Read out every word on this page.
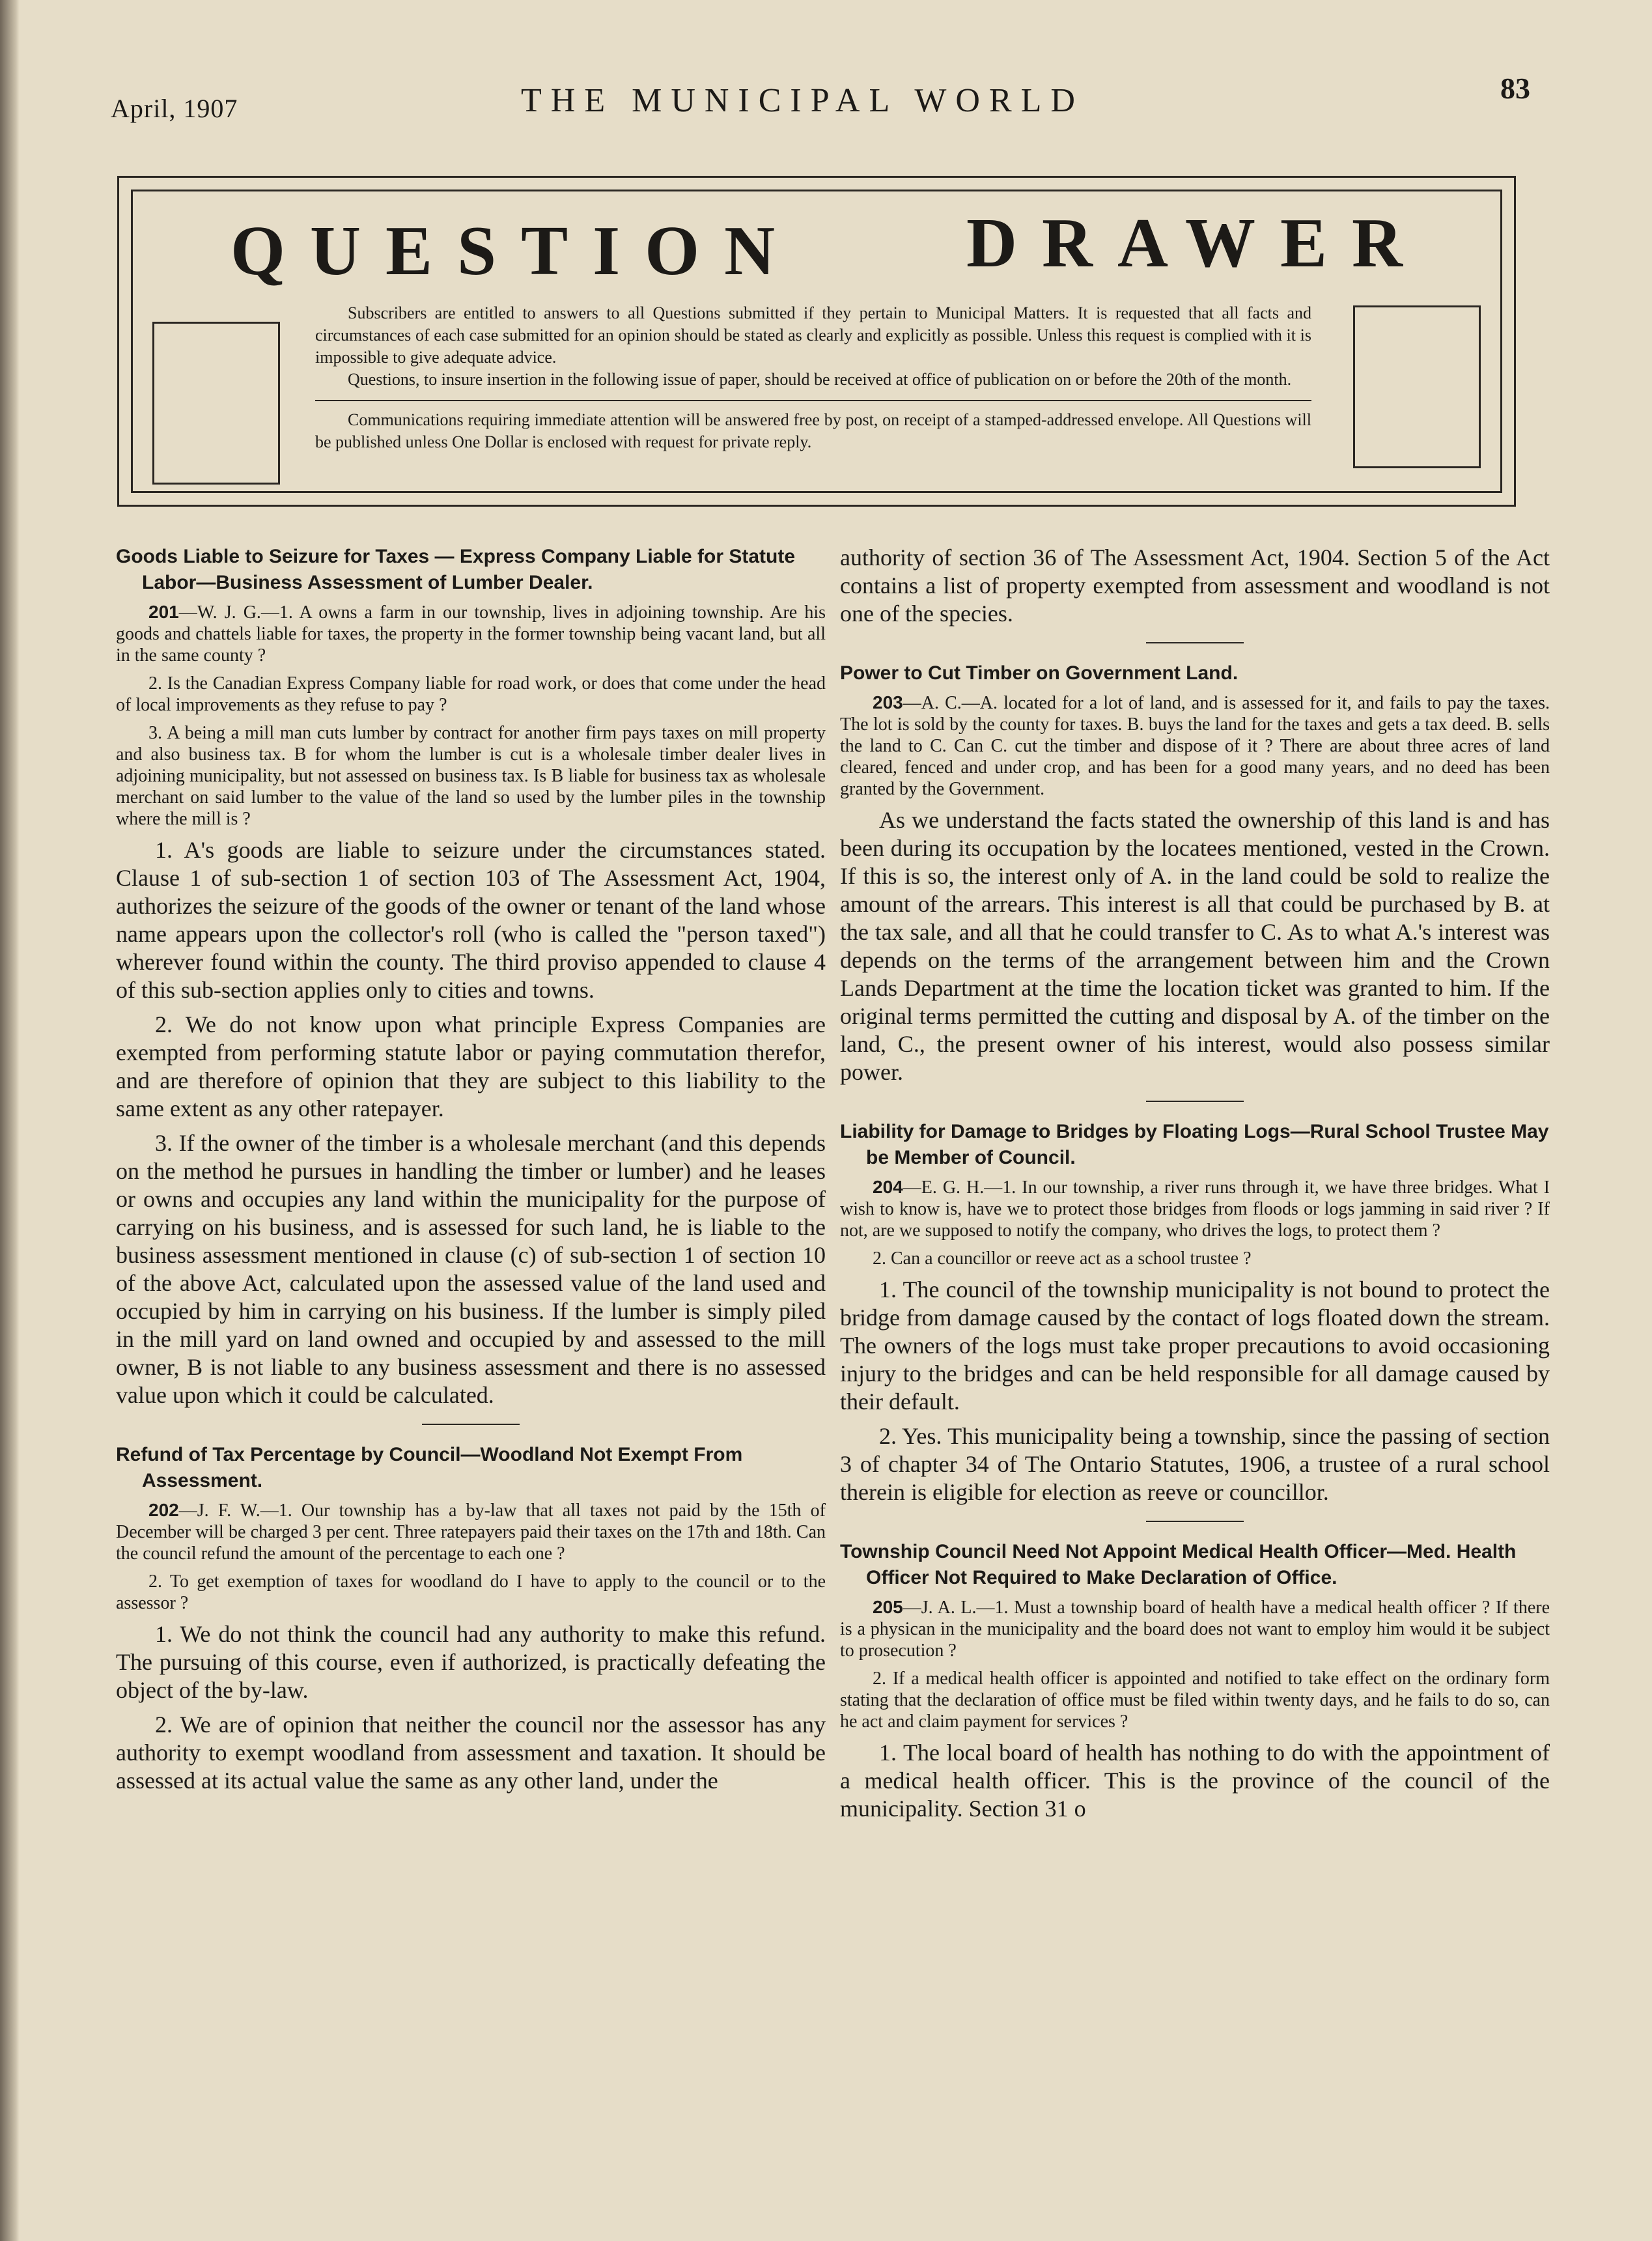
April, 1907	THE MUNICIPAL WORLD	83
QUESTION DRAWER

Subscribers are entitled to answers to all Questions submitted if they pertain to Municipal Matters. It is requested that all facts and circumstances of each case submitted for an opinion should be stated as clearly and explicitly as possible. Unless this request is complied with it is impossible to give adequate advice.

Questions, to insure insertion in the following issue of paper, should be received at office of publication on or before the 20th of the month.

Communications requiring immediate attention will be answered free by post, on receipt of a stamped-addressed envelope. All Questions will be published unless One Dollar is enclosed with request for private reply.

Goods Liable to Seizure for Taxes — Express Company Liable for Statute Labor—Business Assessment of Lumber Dealer.

201—W. J. G.—1. A owns a farm in our township, lives in adjoining township. Are his goods and chattels liable for taxes, the property in the former township being vacant land, but all in the same county ?

2. Is the Canadian Express Company liable for road work, or does that come under the head of local improvements as they refuse to pay ?

3. A being a mill man cuts lumber by contract for another firm pays taxes on mill property and also business tax. B for whom the lumber is cut is a wholesale timber dealer lives in adjoining municipality, but not assessed on business tax. Is B liable for business tax as wholesale merchant on said lumber to the value of the land so used by the lumber piles in the township where the mill is ?

1. A's goods are liable to seizure under the circumstances stated. Clause 1 of sub-section 1 of section 103 of The Assessment Act, 1904, authorizes the seizure of the goods of the owner or tenant of the land whose name appears upon the collector's roll (who is called the "person taxed") wherever found within the county. The third proviso appended to clause 4 of this sub-section applies only to cities and towns.

2. We do not know upon what principle Express Companies are exempted from performing statute labor or paying commutation therefor, and are therefore of opinion that they are subject to this liability to the same extent as any other ratepayer.

3. If the owner of the timber is a wholesale merchant (and this depends on the method he pursues in handling the timber or lumber) and he leases or owns and occupies any land within the municipality for the purpose of carrying on his business, and is assessed for such land, he is liable to the business assessment mentioned in clause (c) of sub-section 1 of section 10 of the above Act, calculated upon the assessed value of the land used and occupied by him in carrying on his business. If the lumber is simply piled in the mill yard on land owned and occupied by and assessed to the mill owner, B is not liable to any business assessment and there is no assessed value upon which it could be calculated.

Refund of Tax Percentage by Council—Woodland Not Exempt From Assessment.

202—J. F. W.—1. Our township has a by-law that all taxes not paid by the 15th of December will be charged 3 per cent. Three ratepayers paid their taxes on the 17th and 18th. Can the council refund the amount of the percentage to each one ?

2. To get exemption of taxes for woodland do I have to apply to the council or to the assessor ?

1. We do not think the council had any authority to make this refund. The pursuing of this course, even if authorized, is practically defeating the object of the by-law.

2. We are of opinion that neither the council nor the assessor has any authority to exempt woodland from assessment and taxation. It should be assessed at its actual value the same as any other land, under the

authority of section 36 of The Assessment Act, 1904. Section 5 of the Act contains a list of property exempted from assessment and woodland is not one of the species.

Power to Cut Timber on Government Land.

203—A. C.—A. located for a lot of land, and is assessed for it, and fails to pay the taxes. The lot is sold by the county for taxes. B. buys the land for the taxes and gets a tax deed. B. sells the land to C. Can C. cut the timber and dispose of it ? There are about three acres of land cleared, fenced and under crop, and has been for a good many years, and no deed has been granted by the Government.

As we understand the facts stated the ownership of this land is and has been during its occupation by the locatees mentioned, vested in the Crown. If this is so, the interest only of A. in the land could be sold to realize the amount of the arrears. This interest is all that could be purchased by B. at the tax sale, and all that he could transfer to C. As to what A.'s interest was depends on the terms of the arrangement between him and the Crown Lands Department at the time the location ticket was granted to him. If the original terms permitted the cutting and disposal by A. of the timber on the land, C., the present owner of his interest, would also possess similar power.

Liability for Damage to Bridges by Floating Logs—Rural School Trustee May be Member of Council.

204—E. G. H.—1. In our township, a river runs through it, we have three bridges. What I wish to know is, have we to protect those bridges from floods or logs jamming in said river ? If not, are we supposed to notify the company, who drives the logs, to protect them ?

2. Can a councillor or reeve act as a school trustee ?

1. The council of the township municipality is not bound to protect the bridge from damage caused by the contact of logs floated down the stream. The owners of the logs must take proper precautions to avoid occasioning injury to the bridges and can be held responsible for all damage caused by their default.

2. Yes. This municipality being a township, since the passing of section 3 of chapter 34 of The Ontario Statutes, 1906, a trustee of a rural school therein is eligible for election as reeve or councillor.

Township Council Need Not Appoint Medical Health Officer—Med. Health Officer Not Required to Make Declaration of Office.

205—J. A. L.—1. Must a township board of health have a medical health officer ? If there is a physican in the municipality and the board does not want to employ him would it be subject to prosecution ?

2. If a medical health officer is appointed and notified to take effect on the ordinary form stating that the declaration of office must be filed within twenty days, and he fails to do so, can he act and claim payment for services ?

1. The local board of health has nothing to do with the appointment of a medical health officer. This is the province of the council of the municipality. Section 31 o
